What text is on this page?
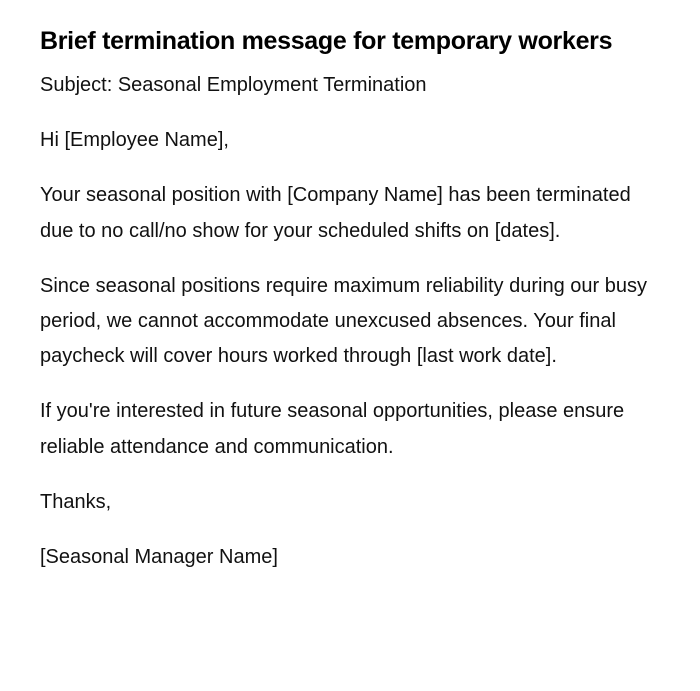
Brief termination message for temporary workers

Subject: Seasonal Employment Termination

Hi [Employee Name],

Your seasonal position with [Company Name] has been terminated due to no call/no show for your scheduled shifts on [dates].

Since seasonal positions require maximum reliability during our busy period, we cannot accommodate unexcused absences. Your final paycheck will cover hours worked through [last work date].

If you're interested in future seasonal opportunities, please ensure reliable attendance and communication.

Thanks,

[Seasonal Manager Name]
